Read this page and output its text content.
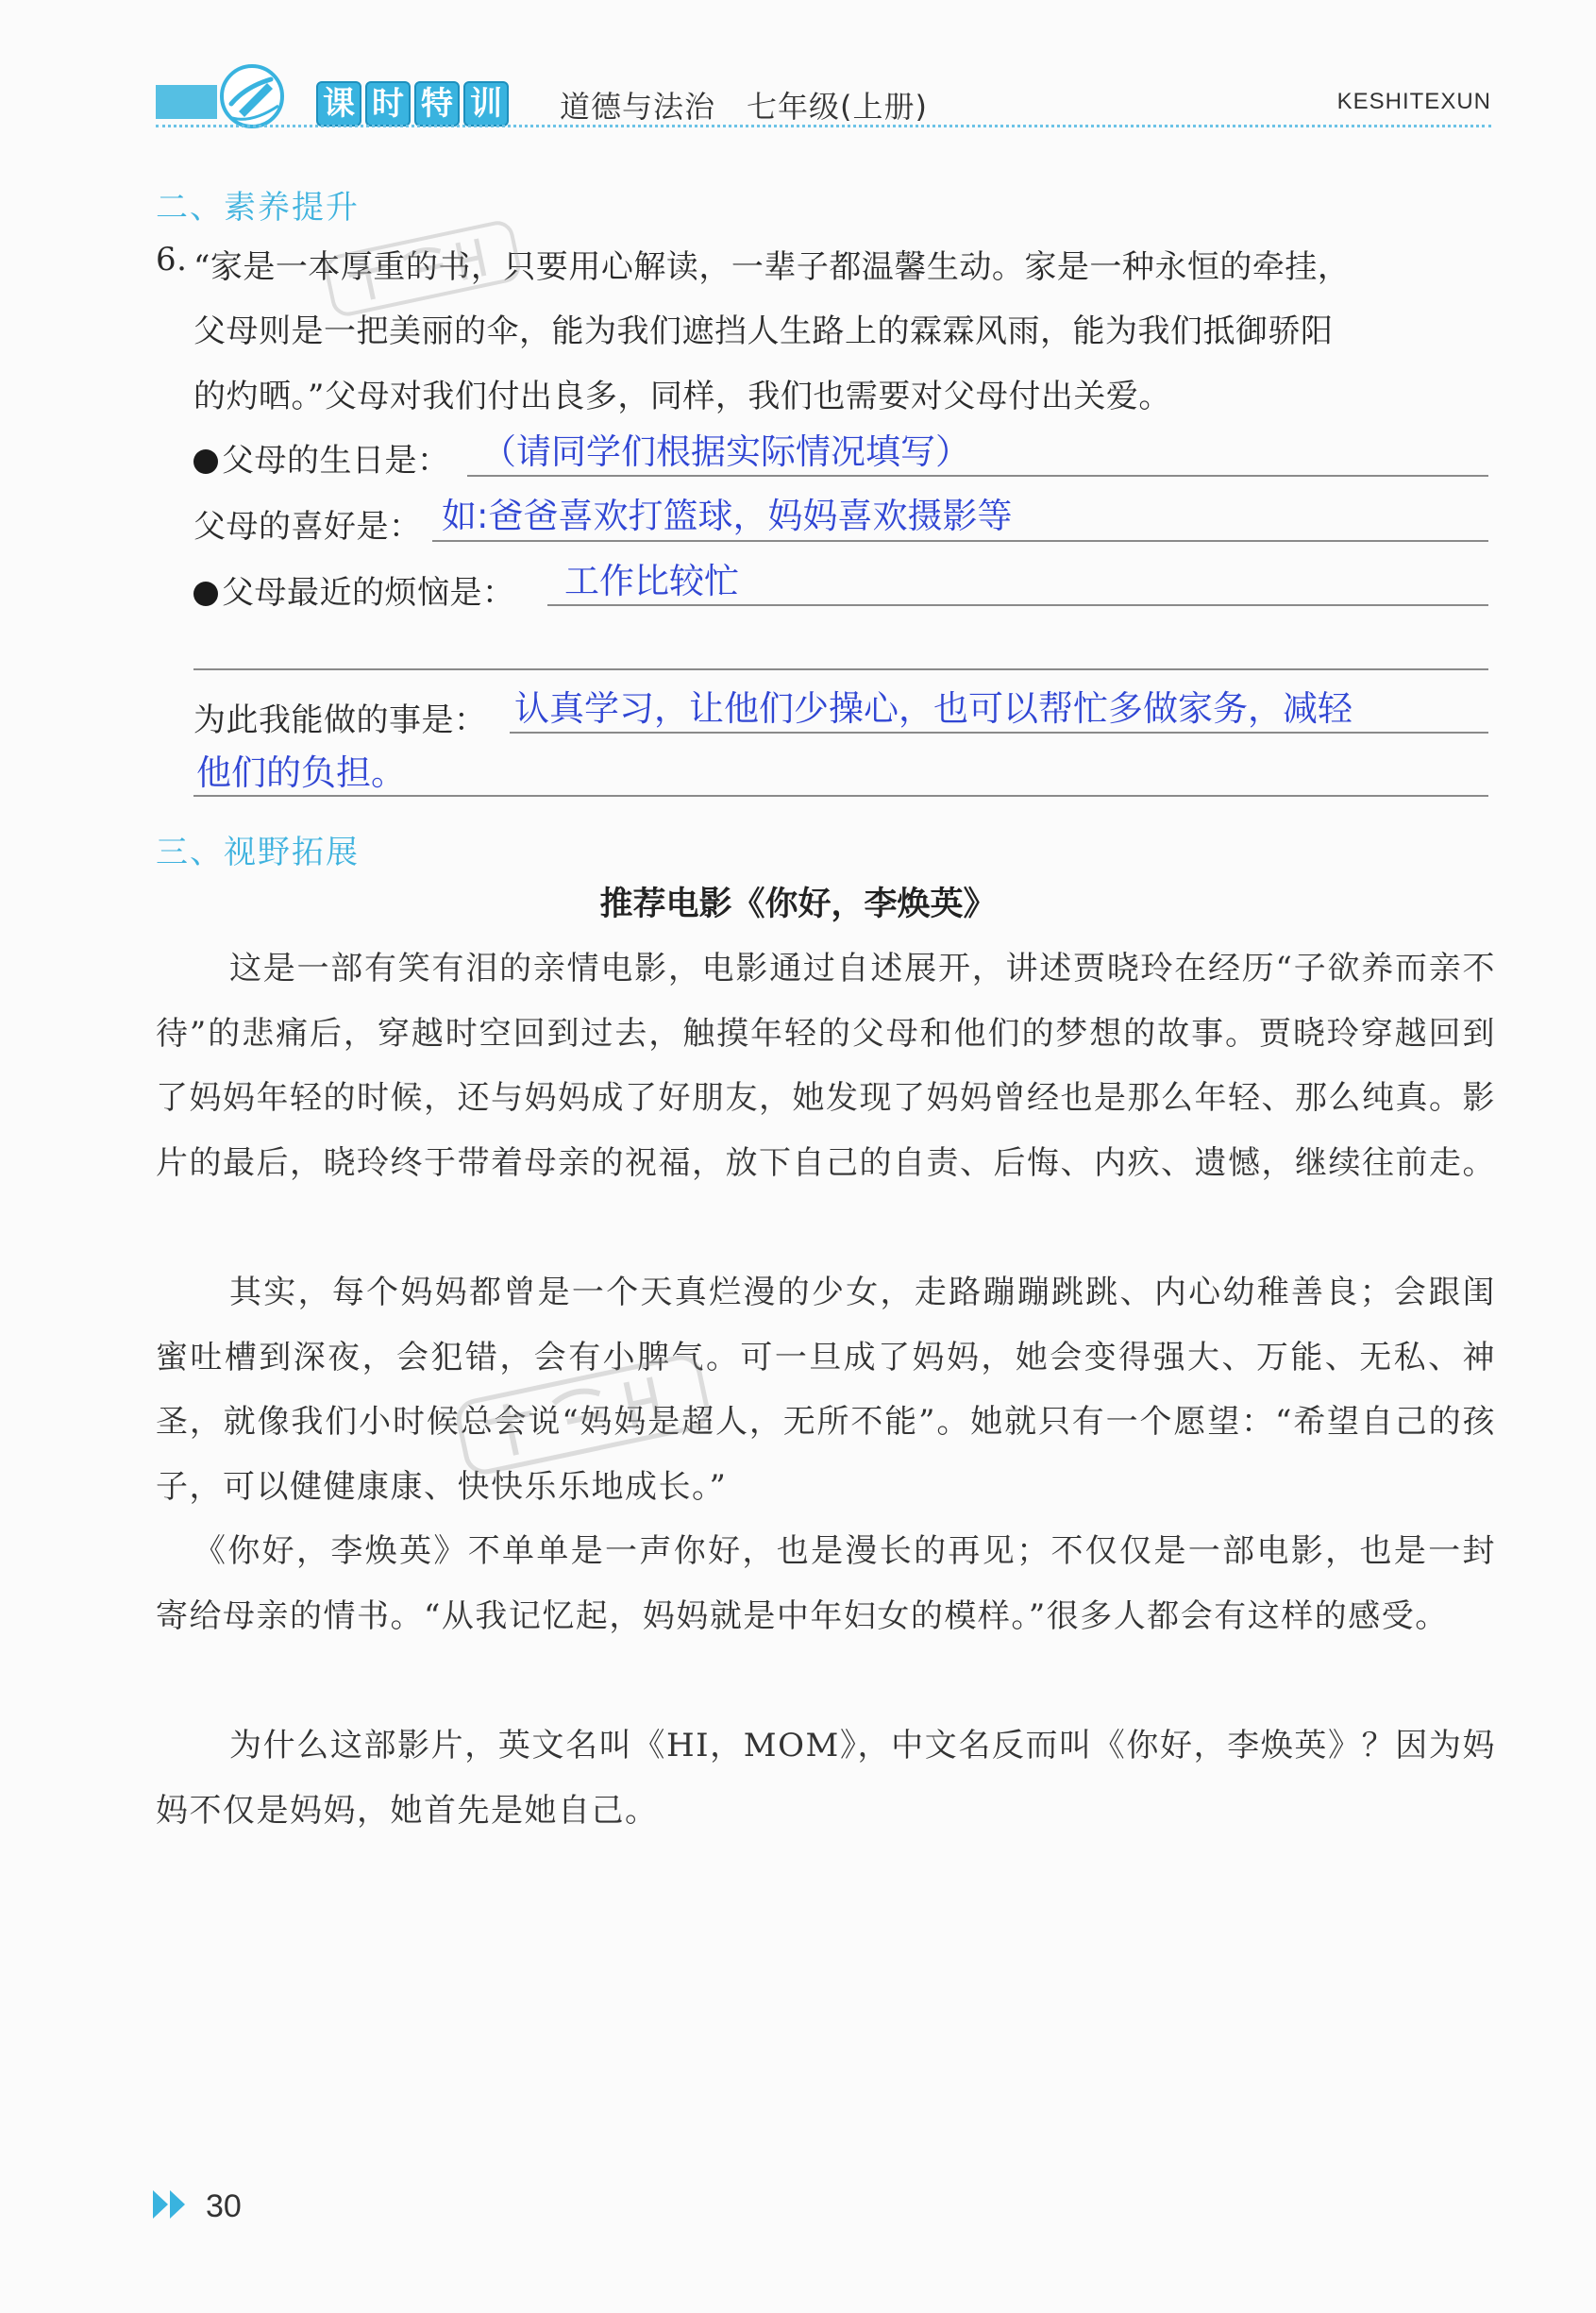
课 时 特 训 道德与法治　七年级(上册)	KESHITEXUN
二、素养提升
6. “家是一本厚重的书，只要用心解读，一辈子都温馨生动。家是一种永恒的牵挂，
父母则是一把美丽的伞，能为我们遮挡人生路上的霖霖风雨，能为我们抵御骄阳
的灼晒。”父母对我们付出良多，同样，我们也需要对父母付出关爱。
父母的生日是： （请同学们根据实际情况填写）
父母的喜好是： 如:爸爸喜欢打篮球，妈妈喜欢摄影等
父母最近的烦恼是： 工作比较忙
为此我能做的事是： 认真学习，让他们少操心，也可以帮忙多做家务，减轻
他们的负担。
三、视野拓展
推荐电影《你好，李焕英》
这是一部有笑有泪的亲情电影，电影通过自述展开，讲述贾晓玲在经历“子欲养而亲不待”的悲痛后，穿越时空回到过去，触摸年轻的父母和他们的梦想的故事。贾晓玲穿越回到了妈妈年轻的时候，还与妈妈成了好朋友，她发现了妈妈曾经也是那么年轻、那么纯真。影片的最后，晓玲终于带着母亲的祝福，放下自己的自责、后悔、内疚、遗憾，继续往前走。
其实，每个妈妈都曾是一个天真烂漫的少女，走路蹦蹦跳跳、内心幼稚善良；会跟闺蜜吐槽到深夜，会犯错，会有小脾气。可一旦成了妈妈，她会变得强大、万能、无私、神圣，就像我们小时候总会说“妈妈是超人，无所不能”。她就只有一个愿望：“希望自己的孩子，可以健健康康、快快乐乐地成长。”
《你好，李焕英》不单单是一声你好，也是漫长的再见；不仅仅是一部电影，也是一封寄给母亲的情书。“从我记忆起，妈妈就是中年妇女的模样。”很多人都会有这样的感受。
为什么这部影片，英文名叫《HI，MOM》，中文名反而叫《你好，李焕英》？因为妈妈不仅是妈妈，她首先是她自己。
30
